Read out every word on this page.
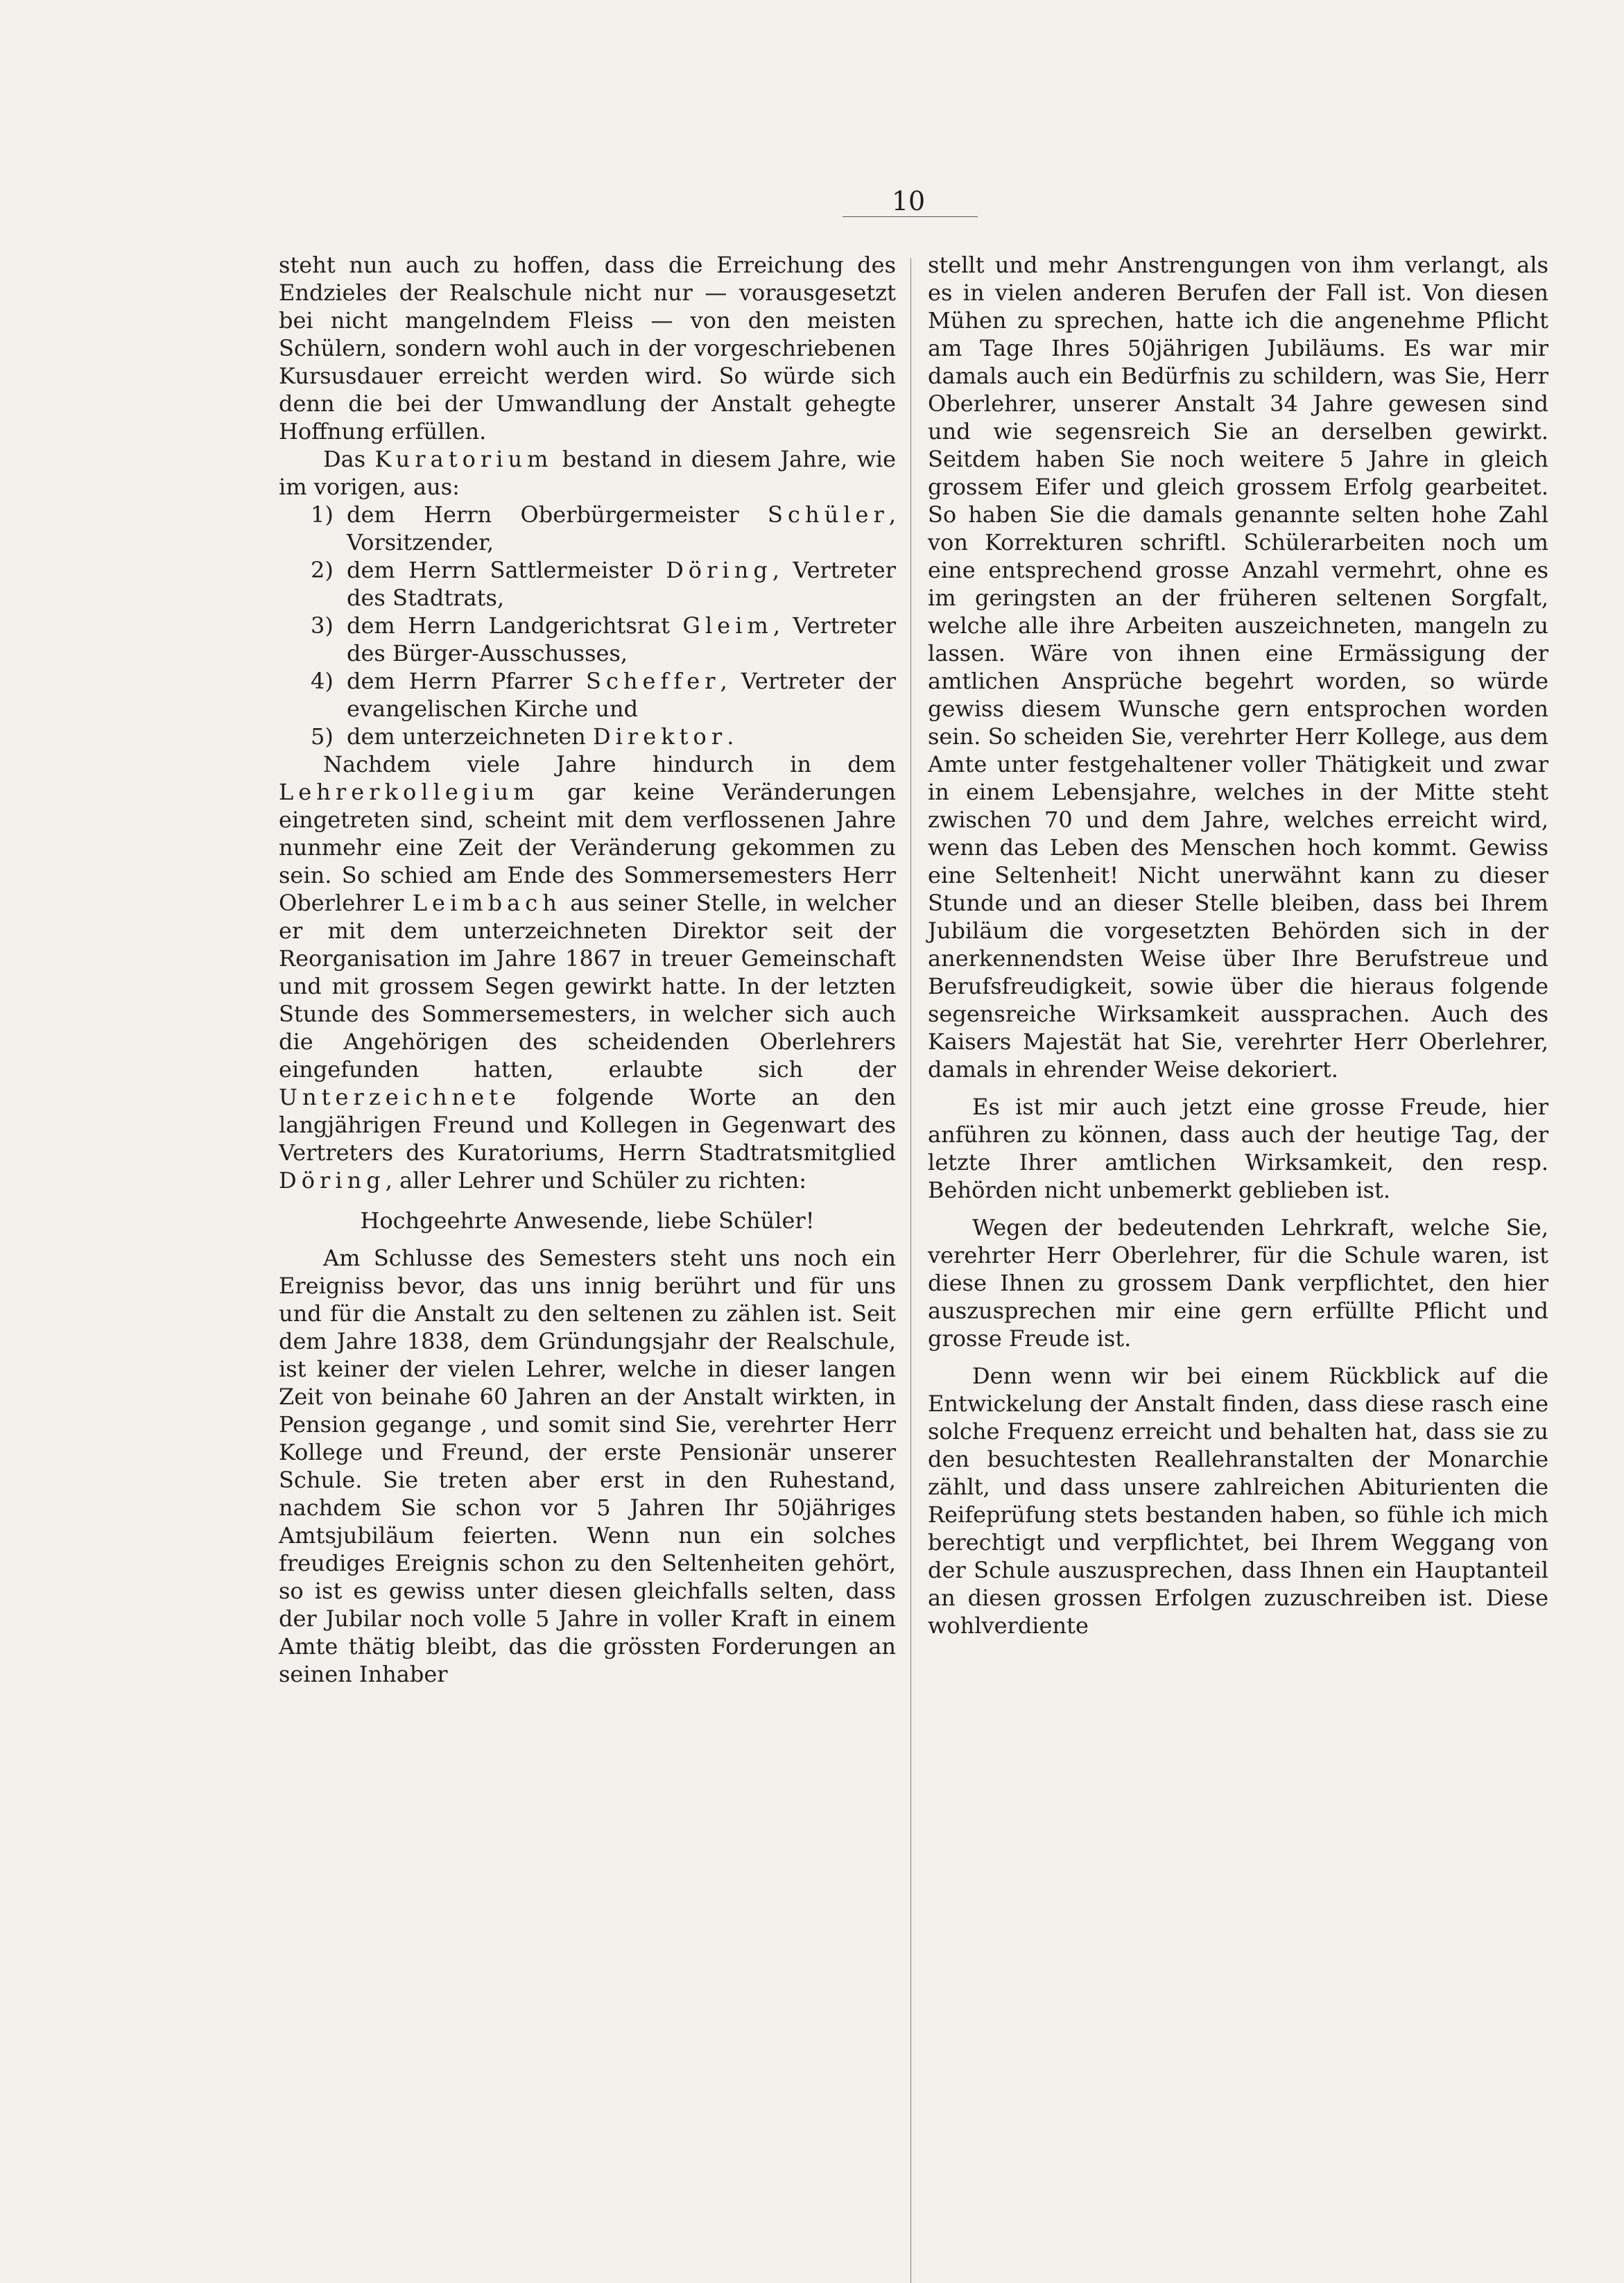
10

steht nun auch zu hoffen, dass die Erreichung des Endzieles der Realschule nicht nur — vorausgesetzt bei nicht mangelndem Fleiss — von den meisten Schülern, sondern wohl auch in der vorgeschriebenen Kursusdauer erreicht werden wird. So würde sich denn die bei der Umwandlung der Anstalt gehegte Hoffnung erfüllen.

Das Kuratorium bestand in diesem Jahre, wie im vorigen, aus:

1) dem Herrn Oberbürgermeister Schüler, Vorsitzender,
2) dem Herrn Sattlermeister Döring, Vertreter des Stadtrats,
3) dem Herrn Landgerichtsrat Gleim, Vertreter des Bürger-Ausschusses,
4) dem Herrn Pfarrer Scheffer, Vertreter der evangelischen Kirche und
5) dem unterzeichneten Direktor.

Nachdem viele Jahre hindurch in dem Lehrerkollegium gar keine Veränderungen eingetreten sind, scheint mit dem verflossenen Jahre nunmehr eine Zeit der Veränderung gekommen zu sein. So schied am Ende des Sommersemesters Herr Oberlehrer Leimbach aus seiner Stelle, in welcher er mit dem unterzeichneten Direktor seit der Reorganisation im Jahre 1867 in treuer Gemeinschaft und mit grossem Segen gewirkt hatte. In der letzten Stunde des Sommersemesters, in welcher sich auch die Angehörigen des scheidenden Oberlehrers eingefunden hatten, erlaubte sich der Unterzeichnete folgende Worte an den langjährigen Freund und Kollegen in Gegenwart des Vertreters des Kuratoriums, Herrn Stadtratsmitglied Döring, aller Lehrer und Schüler zu richten:

Hochgeehrte Anwesende, liebe Schüler!

Am Schlusse des Semesters steht uns noch ein Ereigniss bevor, das uns innig berührt und für uns und für die Anstalt zu den seltenen zu zählen ist. Seit dem Jahre 1838, dem Gründungsjahr der Realschule, ist keiner der vielen Lehrer, welche in dieser langen Zeit von beinahe 60 Jahren an der Anstalt wirkten, in Pension gegange , und somit sind Sie, verehrter Herr Kollege und Freund, der erste Pensionär unserer Schule. Sie treten aber erst in den Ruhestand, nachdem Sie schon vor 5 Jahren Ihr 50jähriges Amtsjubiläum feierten. Wenn nun ein solches freudiges Ereignis schon zu den Seltenheiten gehört, so ist es gewiss unter diesen gleichfalls selten, dass der Jubilar noch volle 5 Jahre in voller Kraft in einem Amte thätig bleibt, das die grössten Forderungen an seinen Inhaber

stellt und mehr Anstrengungen von ihm verlangt, als es in vielen anderen Berufen der Fall ist. Von diesen Mühen zu sprechen, hatte ich die angenehme Pflicht am Tage Ihres 50jährigen Jubiläums. Es war mir damals auch ein Bedürfnis zu schildern, was Sie, Herr Oberlehrer, unserer Anstalt 34 Jahre gewesen sind und wie segensreich Sie an derselben gewirkt. Seitdem haben Sie noch weitere 5 Jahre in gleich grossem Eifer und gleich grossem Erfolg gearbeitet. So haben Sie die damals genannte selten hohe Zahl von Korrekturen schriftl. Schülerarbeiten noch um eine entsprechend grosse Anzahl vermehrt, ohne es im geringsten an der früheren seltenen Sorgfalt, welche alle ihre Arbeiten auszeichneten, mangeln zu lassen. Wäre von ihnen eine Ermässigung der amtlichen Ansprüche begehrt worden, so würde gewiss diesem Wunsche gern entsprochen worden sein. So scheiden Sie, verehrter Herr Kollege, aus dem Amte unter festgehaltener voller Thätigkeit und zwar in einem Lebensjahre, welches in der Mitte steht zwischen 70 und dem Jahre, welches erreicht wird, wenn das Leben des Menschen hoch kommt. Gewiss eine Seltenheit! Nicht unerwähnt kann zu dieser Stunde und an dieser Stelle bleiben, dass bei Ihrem Jubiläum die vorgesetzten Behörden sich in der anerkennendsten Weise über Ihre Berufstreue und Berufsfreudigkeit, sowie über die hieraus folgende segensreiche Wirksamkeit aussprachen. Auch des Kaisers Majestät hat Sie, verehrter Herr Oberlehrer, damals in ehrender Weise dekoriert.

Es ist mir auch jetzt eine grosse Freude, hier anführen zu können, dass auch der heutige Tag, der letzte Ihrer amtlichen Wirksamkeit, den resp. Behörden nicht unbemerkt geblieben ist.

Wegen der bedeutenden Lehrkraft, welche Sie, verehrter Herr Oberlehrer, für die Schule waren, ist diese Ihnen zu grossem Dank verpflichtet, den hier auszusprechen mir eine gern erfüllte Pflicht und grosse Freude ist.

Denn wenn wir bei einem Rückblick auf die Entwickelung der Anstalt finden, dass diese rasch eine solche Frequenz erreicht und behalten hat, dass sie zu den besuchtesten Reallehranstalten der Monarchie zählt, und dass unsere zahlreichen Abiturienten die Reifeprüfung stets bestanden haben, so fühle ich mich berechtigt und verpflichtet, bei Ihrem Weggang von der Schule auszusprechen, dass Ihnen ein Hauptanteil an diesen grossen Erfolgen zuzuschreiben ist. Diese wohlverdiente
